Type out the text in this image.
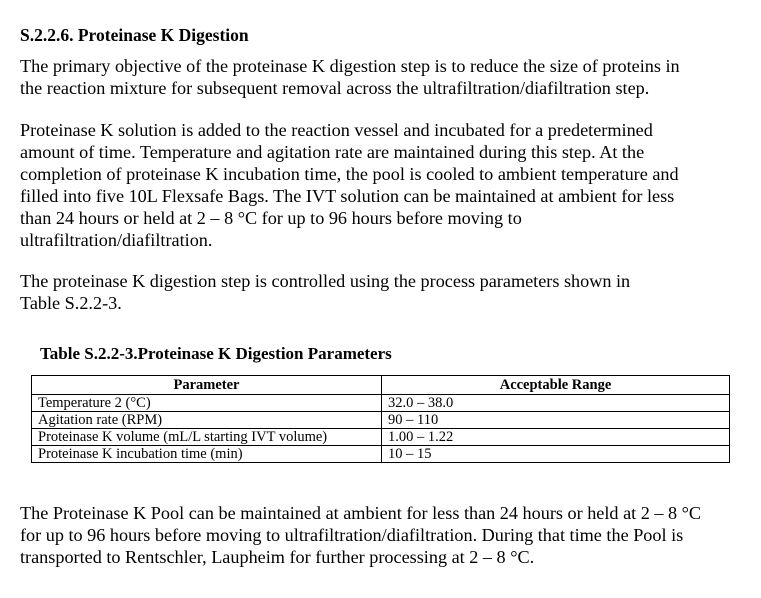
S.2.2.6. Proteinase K Digestion

The primary objective of the proteinase K digestion step is to reduce the size of proteins in
the reaction mixture for subsequent removal across the ultrafiltration/diafiltration step.

Proteinase K solution is added to the reaction vessel and incubated for a predetermined
amount of time. Temperature and agitation rate are maintained during this step. At the
completion of proteinase K incubation time, the pool is cooled to ambient temperature and
filled into five 10L Flexsafe Bags. The IVT solution can be maintained at ambient for less
than 24 hours or held at 2 – 8 °C for up to 96 hours before moving to
ultrafiltration/diafiltration.

The proteinase K digestion step is controlled using the process parameters shown in
Table S.2.2-3.

Table S.2.2-3.Proteinase K Digestion Parameters

Parameter	Acceptable Range
Temperature 2 (°C)	32.0 – 38.0
Agitation rate (RPM)	90 – 110
Proteinase K volume (mL/L starting IVT volume)	1.00 – 1.22
Proteinase K incubation time (min)	10 – 15

The Proteinase K Pool can be maintained at ambient for less than 24 hours or held at 2 – 8 °C
for up to 96 hours before moving to ultrafiltration/diafiltration. During that time the Pool is
transported to Rentschler, Laupheim for further processing at 2 – 8 °C.
